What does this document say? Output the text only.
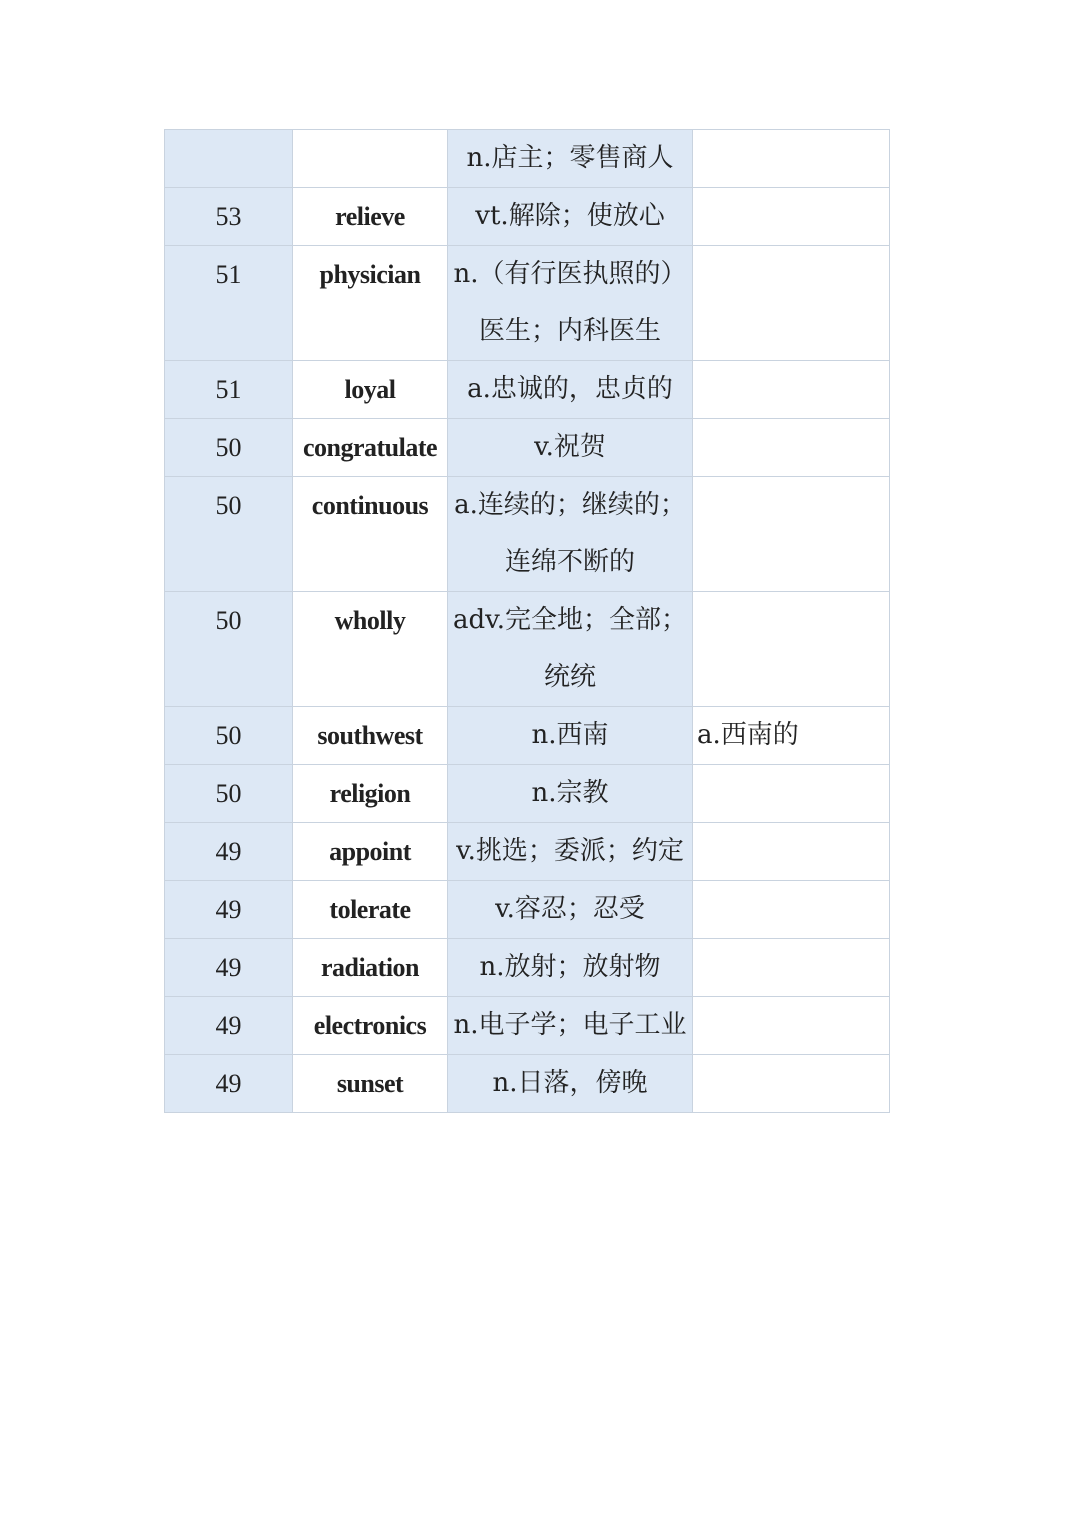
		n.店主；零售商人	
53	relieve	vt.解除；使放心	
51	physician	n.（有行医执照的）医生；内科医生	
51	loyal	a.忠诚的，忠贞的	
50	congratulate	v.祝贺	
50	continuous	a.连续的；继续的；连绵不断的	
50	wholly	adv.完全地；全部；统统	
50	southwest	n.西南	a.西南的
50	religion	n.宗教	
49	appoint	v.挑选；委派；约定	
49	tolerate	v.容忍；忍受	
49	radiation	n.放射；放射物	
49	electronics	n.电子学；电子工业	
49	sunset	n.日落，傍晚	
